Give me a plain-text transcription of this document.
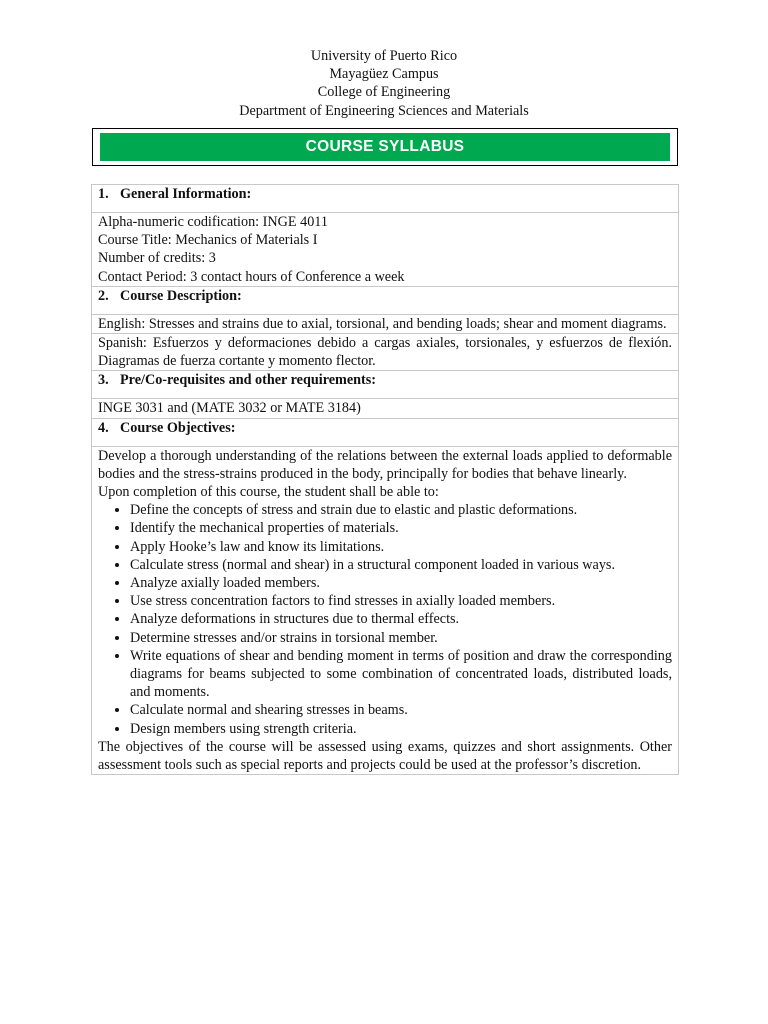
University of Puerto Rico
Mayagüez Campus
College of Engineering
Department of Engineering Sciences and Materials
COURSE SYLLABUS
1. General Information:

Alpha-numeric codification: INGE 4011
Course Title: Mechanics of Materials I
Number of credits: 3
Contact Period: 3 contact hours of Conference a week

2. Course Description:
English: Stresses and strains due to axial, torsional, and bending loads; shear and moment diagrams.
Spanish: Esfuerzos y deformaciones debido a cargas axiales, torsionales, y esfuerzos de flexión. Diagramas de fuerza cortante y momento flector.
3. Pre/Co-requisites and other requirements:
INGE 3031 and (MATE 3032 or MATE 3184)
4. Course Objectives:

Develop a thorough understanding of the relations between the external loads applied to deformable bodies and the stress-strains produced in the body, principally for bodies that behave linearly.
Upon completion of this course, the student shall be able to:
• Define the concepts of stress and strain due to elastic and plastic deformations.
• Identify the mechanical properties of materials.
• Apply Hooke’s law and know its limitations.
• Calculate stress (normal and shear) in a structural component loaded in various ways.
• Analyze axially loaded members.
• Use stress concentration factors to find stresses in axially loaded members.
• Analyze deformations in structures due to thermal effects.
• Determine stresses and/or strains in torsional member.
• Write equations of shear and bending moment in terms of position and draw the corresponding diagrams for beams subjected to some combination of concentrated loads, distributed loads, and moments.
• Calculate normal and shearing stresses in beams.
• Design members using strength criteria.
The objectives of the course will be assessed using exams, quizzes and short assignments. Other assessment tools such as special reports and projects could be used at the professor’s discretion.
